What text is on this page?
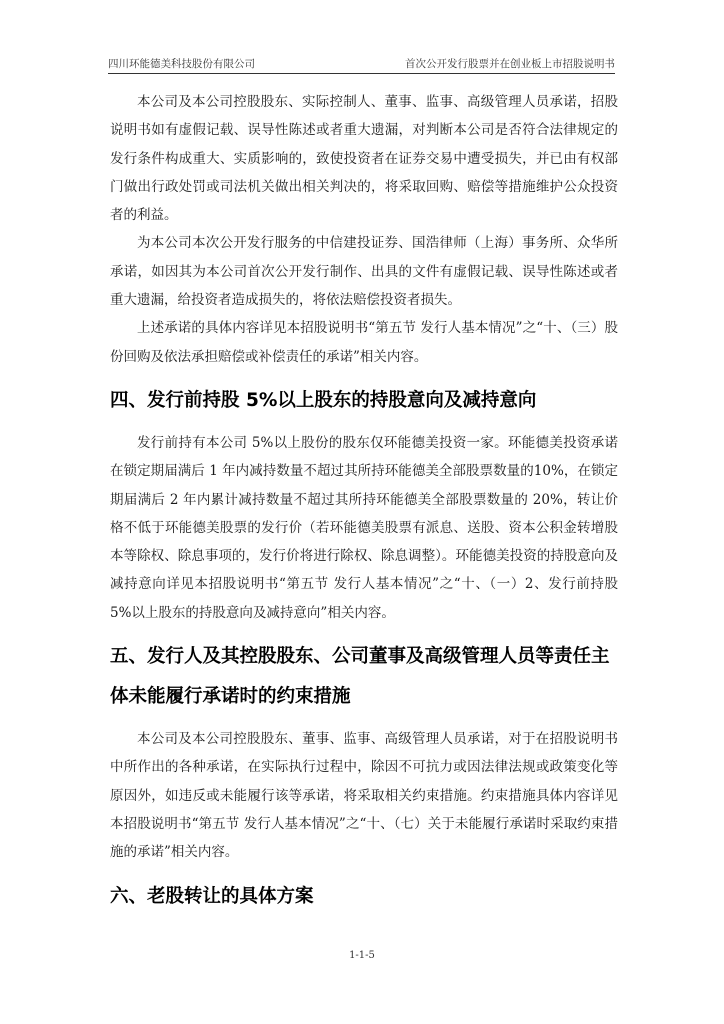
四川环能德美科技股份有限公司	首次公开发行股票并在创业板上市招股说明书

本公司及本公司控股股东、实际控制人、董事、监事、高级管理人员承诺，招股说明书如有虚假记载、误导性陈述或者重大遗漏，对判断本公司是否符合法律规定的发行条件构成重大、实质影响的，致使投资者在证券交易中遭受损失，并已由有权部门做出行政处罚或司法机关做出相关判决的，将采取回购、赔偿等措施维护公众投资者的利益。

为本公司本次公开发行服务的中信建投证券、国浩律师（上海）事务所、众华所承诺，如因其为本公司首次公开发行制作、出具的文件有虚假记载、误导性陈述或者重大遗漏，给投资者造成损失的，将依法赔偿投资者损失。

上述承诺的具体内容详见本招股说明书“第五节 发行人基本情况”之“十、（三）股份回购及依法承担赔偿或补偿责任的承诺”相关内容。

四、发行前持股 5%以上股东的持股意向及减持意向

发行前持有本公司 5%以上股份的股东仅环能德美投资一家。环能德美投资承诺在锁定期届满后 1 年内减持数量不超过其所持环能德美全部股票数量的10%，在锁定期届满后 2 年内累计减持数量不超过其所持环能德美全部股票数量的 20%，转让价格不低于环能德美股票的发行价（若环能德美股票有派息、送股、资本公积金转增股本等除权、除息事项的，发行价将进行除权、除息调整）。环能德美投资的持股意向及减持意向详见本招股说明书“第五节 发行人基本情况”之“十、（一）2、发行前持股 5%以上股东的持股意向及减持意向”相关内容。

五、发行人及其控股股东、公司董事及高级管理人员等责任主体未能履行承诺时的约束措施

本公司及本公司控股股东、董事、监事、高级管理人员承诺，对于在招股说明书中所作出的各种承诺，在实际执行过程中，除因不可抗力或因法律法规或政策变化等原因外，如违反或未能履行该等承诺，将采取相关约束措施。约束措施具体内容详见本招股说明书“第五节 发行人基本情况”之“十、（七）关于未能履行承诺时采取约束措施的承诺”相关内容。

六、老股转让的具体方案
1-1-5
